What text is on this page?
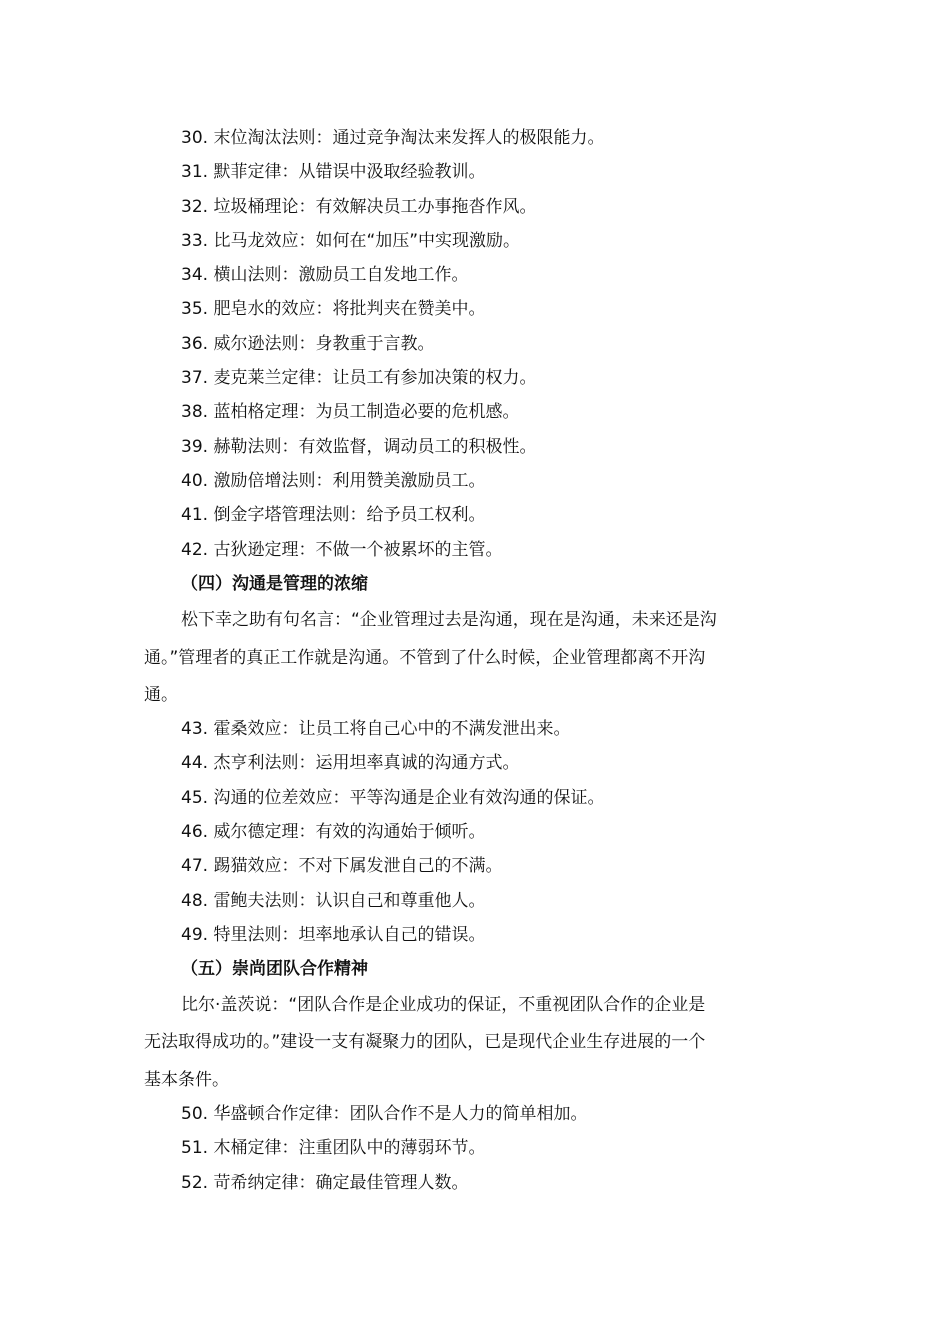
30. 末位淘汰法则：通过竞争淘汰来发挥人的极限能力。
31. 默菲定律：从错误中汲取经验教训。
32. 垃圾桶理论：有效解决员工办事拖沓作风。
33. 比马龙效应：如何在“加压”中实现激励。
34. 横山法则：激励员工自发地工作。
35. 肥皂水的效应：将批判夹在赞美中。
36. 威尔逊法则：身教重于言教。
37. 麦克莱兰定律：让员工有参加决策的权力。
38. 蓝柏格定理：为员工制造必要的危机感。
39. 赫勒法则：有效监督，调动员工的积极性。
40. 激励倍增法则：利用赞美激励员工。
41. 倒金字塔管理法则：给予员工权利。
42. 古狄逊定理：不做一个被累坏的主管。
（四）沟通是管理的浓缩
松下幸之助有句名言：“企业管理过去是沟通，现在是沟通，未来还是沟
通。”管理者的真正工作就是沟通。不管到了什么时候，企业管理都离不开沟
通。
43. 霍桑效应：让员工将自己心中的不满发泄出来。
44. 杰亨利法则：运用坦率真诚的沟通方式。
45. 沟通的位差效应：平等沟通是企业有效沟通的保证。
46. 威尔德定理：有效的沟通始于倾听。
47. 踢猫效应：不对下属发泄自己的不满。
48. 雷鲍夫法则：认识自己和尊重他人。
49. 特里法则：坦率地承认自己的错误。
（五）崇尚团队合作精神
比尔·盖茨说：“团队合作是企业成功的保证，不重视团队合作的企业是
无法取得成功的。”建设一支有凝聚力的团队，已是现代企业生存进展的一个
基本条件。
50. 华盛顿合作定律：团队合作不是人力的简单相加。
51. 木桶定律：注重团队中的薄弱环节。
52. 苛希纳定律：确定最佳管理人数。
